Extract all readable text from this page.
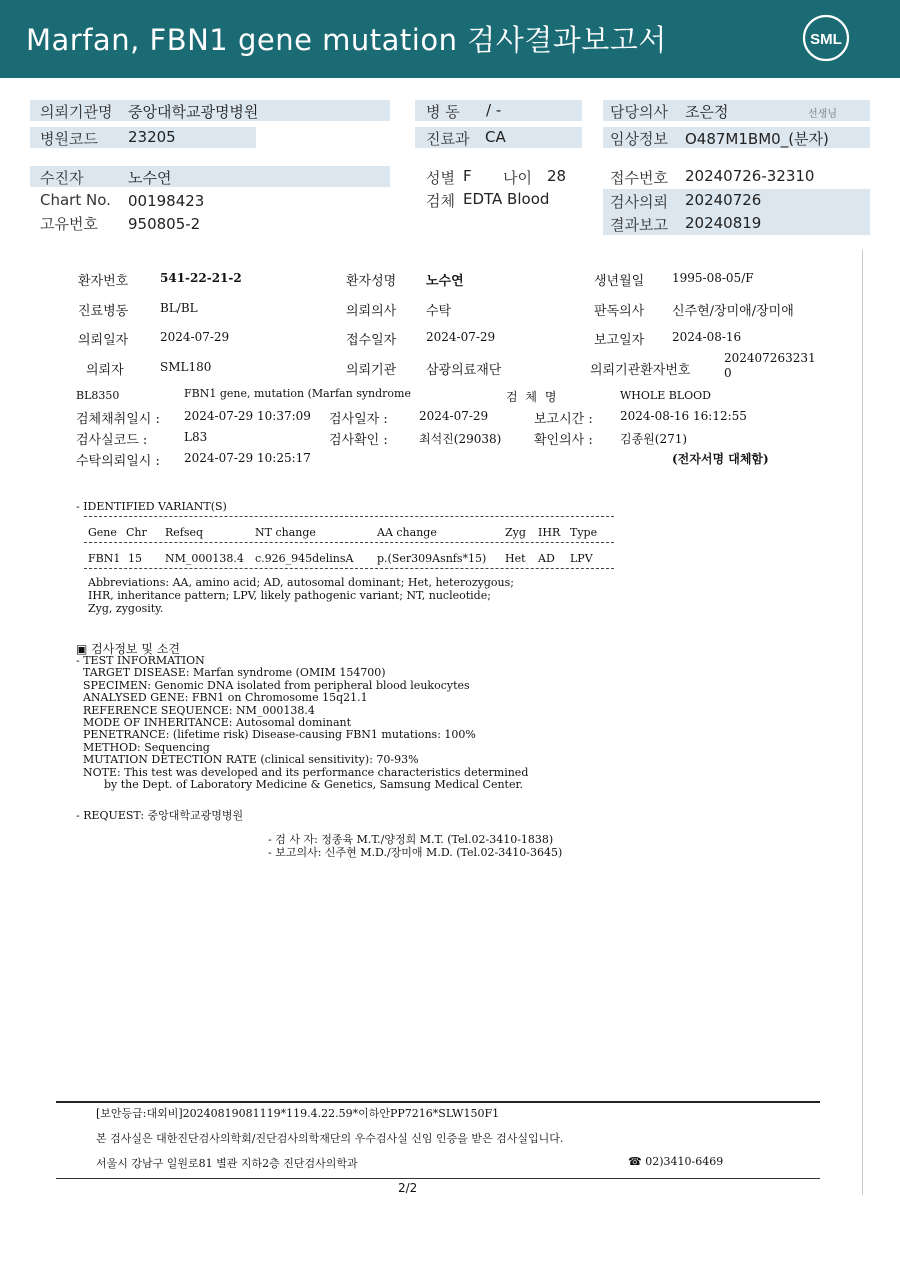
Marfan, FBN1 gene mutation 검사결과보고서	SML
의뢰기관명 중앙대학교광명병원
병원코드 23205
병 동 / -
진료과 CA
담당의사 조은정	선생님
임상정보 O487M1BM0_(분자)
수진자	노수연
Chart No. 00198423
고유번호 950805-2
성별 F 나이 28
검체 EDTA Blood
접수번호 20240726-32310
검사의뢰 20240726
결과보고 20240819
환자번호	541-22-21-2	환자성명 노수연	생년월일 1995-08-05/F
진료병동	BL/BL	의뢰의사 수탁	판독의사 신주현/장미애/장미애
의뢰일자	2024-07-29	접수일자 2024-07-29	보고일자 2024-08-16
의뢰자	SML180	의뢰기관 삼광의료재단	의뢰기관환자번호
202407263231
0
BL8350	FBN1 gene, mutation (Marfan syndrome	검 체 명	WHOLE BLOOD
검체채취일시 : 2024-07-29 10:37:09 검사일자 :	2024-07-29	보고시간 : 2024-08-16 16:12:55
검사실코드 :	L83	검사확인 :	최석진(29038)	확인의사 : 김종원(271)
수탁의뢰일시 : 2024-07-29 10:25:17	(전자서명 대체함)
- IDENTIFIED VARIANT(S)
Gene Chr Refseq	NT change	AA change	Zyg IHR Type
FBN1 15 NM_000138.4 c.926_945delinsA p.(Ser309Asnfs*15) Het AD LPV
Abbreviations: AA, amino acid; AD, autosomal dominant; Het, heterozygous;
IHR, inheritance pattern; LPV, likely pathogenic variant; NT, nucleotide;
Zyg, zygosity.
▣ 검사정보 및 소견
- TEST INFORMATION
TARGET DISEASE: Marfan syndrome (OMIM 154700)
SPECIMEN: Genomic DNA isolated from peripheral blood leukocytes
ANALYSED GENE: FBN1 on Chromosome 15q21.1
REFERENCE SEQUENCE: NM_000138.4
MODE OF INHERITANCE: Autosomal dominant
PENETRANCE: (lifetime risk) Disease-causing FBN1 mutations: 100%
METHOD: Sequencing
MUTATION DETECTION RATE (clinical sensitivity): 70-93%
NOTE: This test was developed and its performance characteristics determined
by the Dept. of Laboratory Medicine & Genetics, Samsung Medical Center.
- REQUEST: 중앙대학교광명병원
- 검 사 자: 정종육 M.T./양정희 M.T. (Tel.02-3410-1838)
- 보고의사: 신주현 M.D./장미애 M.D. (Tel.02-3410-3645)
[보안등급:대외비]20240819081119*119.4.22.59*이하안PP7216*SLW150F1
본 검사실은 대한진단검사의학회/진단검사의학재단의 우수검사실 신임 인증을 받은 검사실입니다.
서울시 강남구 일원로81 별관 지하2층 진단검사의학과	☎ 02)3410-6469
2/2
